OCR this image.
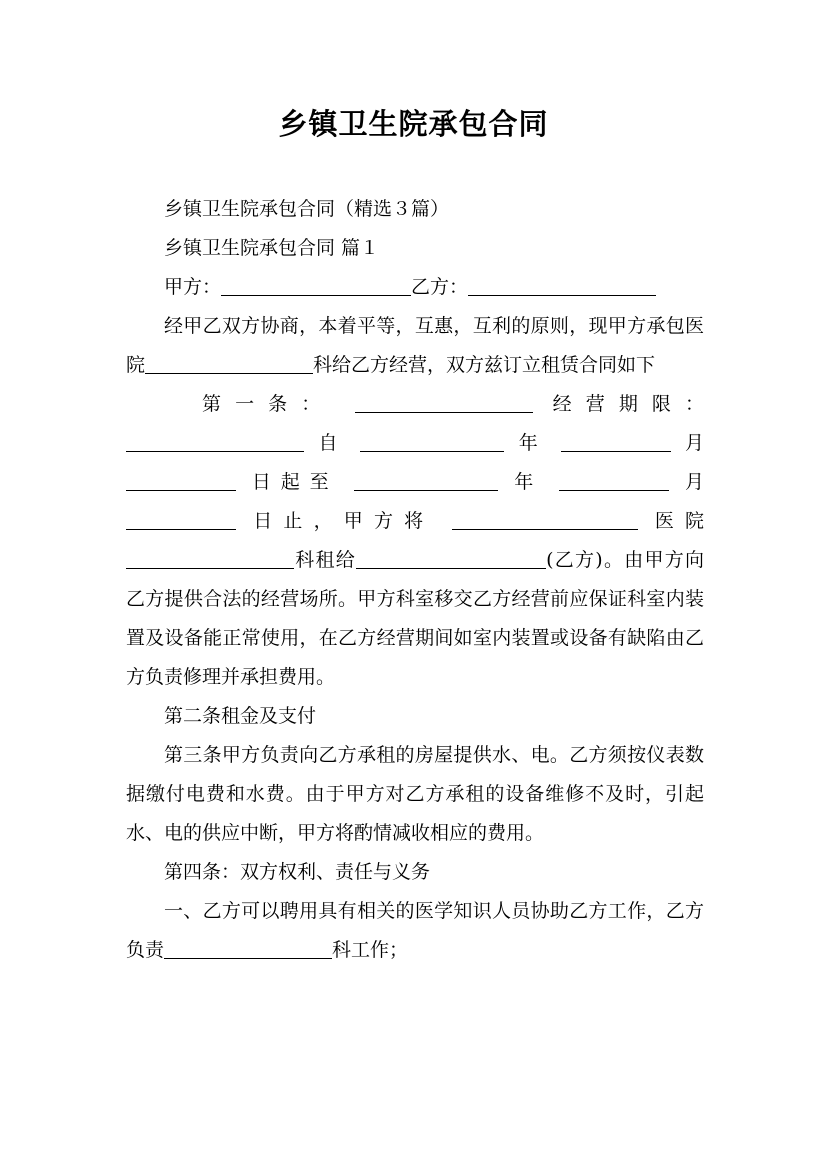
乡镇卫生院承包合同

乡镇卫生院承包合同（精选３篇）

乡镇卫生院承包合同 篇１

甲方：	乙方：

经甲乙双方协商，本着平等，互惠，互利的原则，现甲方承包医院	科给乙方经营，双方兹订立租赁合同如下

第一条：	经营期限：
自	年	月
日起至	年	月
日止，甲方将	医院

科租给	(乙方)。由甲方向乙方提供合法的经营场所。甲方科室移交乙方经营前应保证科室内装置及设备能正常使用，在乙方经营期间如室内装置或设备有缺陷由乙方负责修理并承担费用。

第二条租金及支付

第三条甲方负责向乙方承租的房屋提供水、电。乙方须按仪表数据缴付电费和水费。由于甲方对乙方承租的设备维修不及时，引起水、电的供应中断，甲方将酌情减收相应的费用。

第四条：双方权利、责任与义务

一、乙方可以聘用具有相关的医学知识人员协助乙方工作，乙方负责	科工作；
